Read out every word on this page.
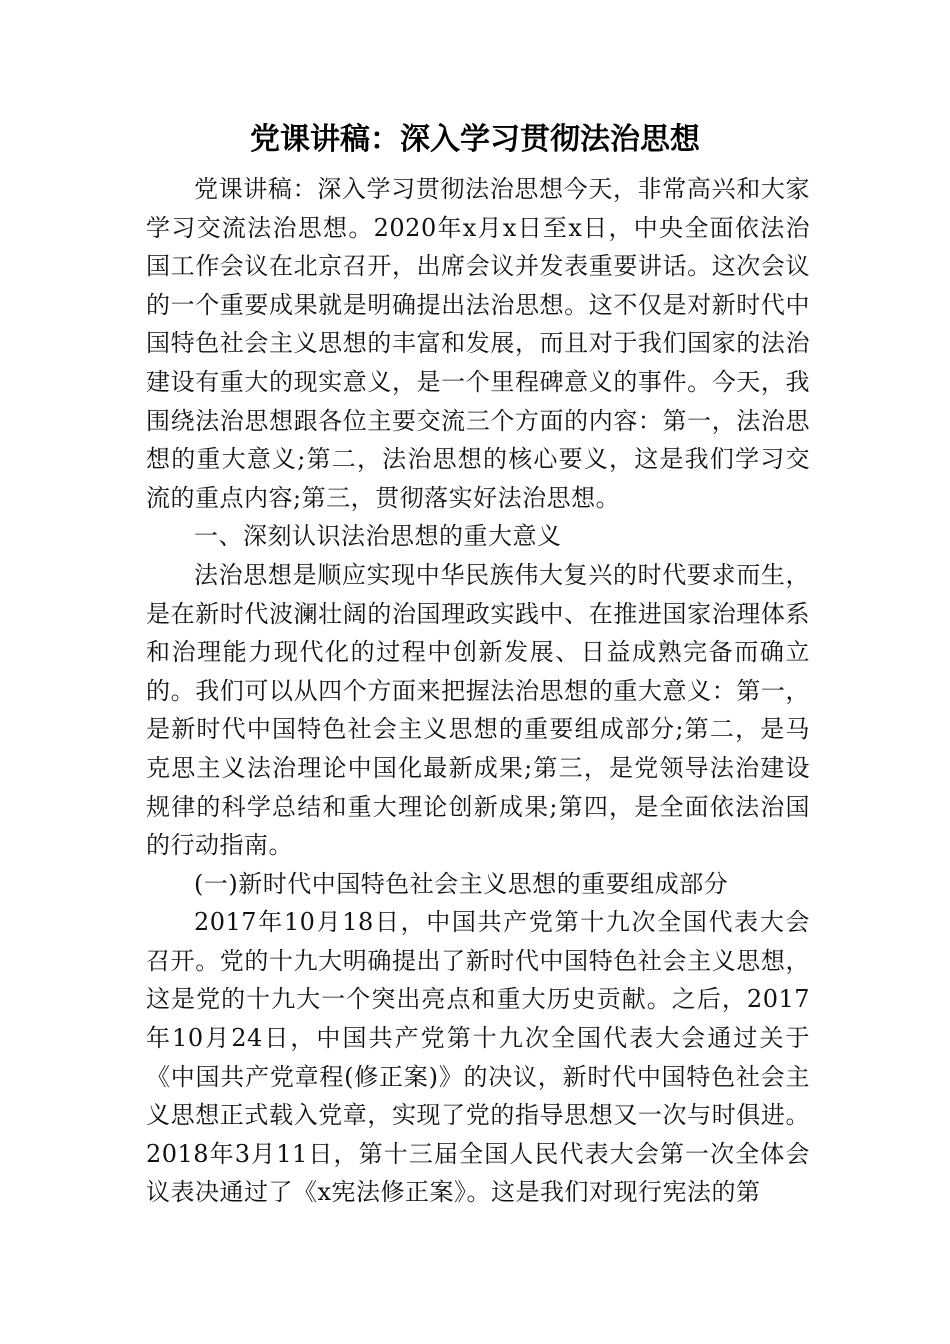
党课讲稿：深入学习贯彻法治思想

党课讲稿：深入学习贯彻法治思想今天，非常高兴和大家学习交流法治思想。2020年x月x日至x日，中央全面依法治国工作会议在北京召开，出席会议并发表重要讲话。这次会议的一个重要成果就是明确提出法治思想。这不仅是对新时代中国特色社会主义思想的丰富和发展，而且对于我们国家的法治建设有重大的现实意义，是一个里程碑意义的事件。今天，我围绕法治思想跟各位主要交流三个方面的内容：第一，法治思想的重大意义;第二，法治思想的核心要义，这是我们学习交流的重点内容;第三，贯彻落实好法治思想。

一、深刻认识法治思想的重大意义

法治思想是顺应实现中华民族伟大复兴的时代要求而生，是在新时代波澜壮阔的治国理政实践中、在推进国家治理体系和治理能力现代化的过程中创新发展、日益成熟完备而确立的。我们可以从四个方面来把握法治思想的重大意义：第一，是新时代中国特色社会主义思想的重要组成部分;第二，是马克思主义法治理论中国化最新成果;第三，是党领导法治建设规律的科学总结和重大理论创新成果;第四，是全面依法治国的行动指南。

(一)新时代中国特色社会主义思想的重要组成部分

2017年10月18日，中国共产党第十九次全国代表大会召开。党的十九大明确提出了新时代中国特色社会主义思想，这是党的十九大一个突出亮点和重大历史贡献。之后，2017年10月24日，中国共产党第十九次全国代表大会通过关于《中国共产党章程(修正案)》的决议，新时代中国特色社会主义思想正式载入党章，实现了党的指导思想又一次与时俱进。2018年3月11日，第十三届全国人民代表大会第一次全体会议表决通过了《x宪法修正案》。这是我们对现行宪法的第
